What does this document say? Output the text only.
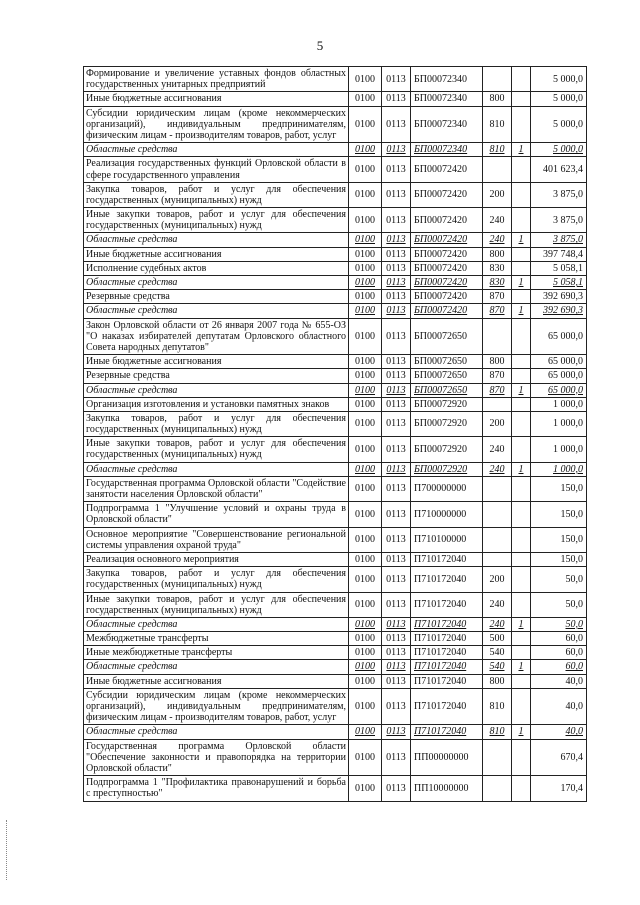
5
Формирование и увеличение уставных фондов областных государственных унитарных предприятий	0100	0113	БП00072340			5 000,0
Иные бюджетные ассигнования	0100	0113	БП00072340	800		5 000,0
Субсидии юридическим лицам (кроме некоммерческих организаций), индивидуальным предпринимателям, физическим лицам - производителям товаров, работ, услуг	0100	0113	БП00072340	810		5 000,0
Областные средства	0100	0113	БП00072340	810	1	5 000,0
Реализация государственных функций Орловской области в сфере государственного управления	0100	0113	БП00072420			401 623,4
Закупка товаров, работ и услуг для обеспечения государственных (муниципальных) нужд	0100	0113	БП00072420	200		3 875,0
Иные закупки товаров, работ и услуг для обеспечения государственных (муниципальных) нужд	0100	0113	БП00072420	240		3 875,0
Областные средства	0100	0113	БП00072420	240	1	3 875,0
Иные бюджетные ассигнования	0100	0113	БП00072420	800		397 748,4
Исполнение судебных актов	0100	0113	БП00072420	830		5 058,1
Областные средства	0100	0113	БП00072420	830	1	5 058,1
Резервные средства	0100	0113	БП00072420	870		392 690,3
Областные средства	0100	0113	БП00072420	870	1	392 690,3
Закон Орловской области от 26 января 2007 года № 655-ОЗ "О наказах избирателей депутатам Орловского областного Совета народных депутатов"	0100	0113	БП00072650			65 000,0
Иные бюджетные ассигнования	0100	0113	БП00072650	800		65 000,0
Резервные средства	0100	0113	БП00072650	870		65 000,0
Областные средства	0100	0113	БП00072650	870	1	65 000,0
Организация изготовления и установки памятных знаков	0100	0113	БП00072920			1 000,0
Закупка товаров, работ и услуг для обеспечения государственных (муниципальных) нужд	0100	0113	БП00072920	200		1 000,0
Иные закупки товаров, работ и услуг для обеспечения государственных (муниципальных) нужд	0100	0113	БП00072920	240		1 000,0
Областные средства	0100	0113	БП00072920	240	1	1 000,0
Государственная программа Орловской области "Содействие занятости населения Орловской области"	0100	0113	П700000000			150,0
Подпрограмма 1 "Улучшение условий и охраны труда в Орловской области"	0100	0113	П710000000			150,0
Основное мероприятие "Совершенствование региональной системы управления охраной труда"	0100	0113	П710100000			150,0
Реализация основного мероприятия	0100	0113	П710172040			150,0
Закупка товаров, работ и услуг для обеспечения государственных (муниципальных) нужд	0100	0113	П710172040	200		50,0
Иные закупки товаров, работ и услуг для обеспечения государственных (муниципальных) нужд	0100	0113	П710172040	240		50,0
Областные средства	0100	0113	П710172040	240	1	50,0
Межбюджетные трансферты	0100	0113	П710172040	500		60,0
Иные межбюджетные трансферты	0100	0113	П710172040	540		60,0
Областные средства	0100	0113	П710172040	540	1	60,0
Иные бюджетные ассигнования	0100	0113	П710172040	800		40,0
Субсидии юридическим лицам (кроме некоммерческих организаций), индивидуальным предпринимателям, физическим лицам - производителям товаров, работ, услуг	0100	0113	П710172040	810		40,0
Областные средства	0100	0113	П710172040	810	1	40,0
Государственная программа Орловской области "Обеспечение законности и правопорядка на территории Орловской области"	0100	0113	ПП00000000			670,4
Подпрограмма 1 "Профилактика правонарушений и борьба с преступностью"	0100	0113	ПП10000000			170,4
